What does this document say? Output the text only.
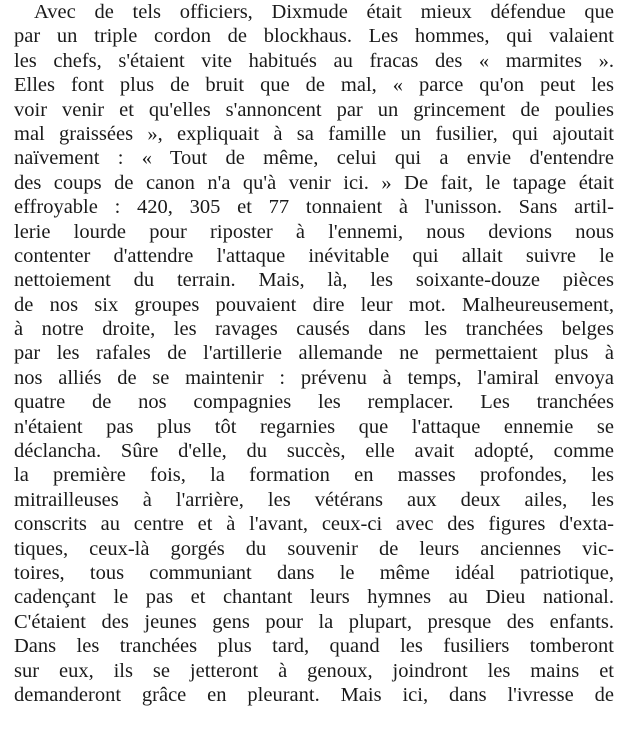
Avec de tels officiers, Dixmude était mieux défendue que
par un triple cordon de blockhaus. Les hommes, qui valaient
les chefs, s'étaient vite habitués au fracas des « marmites ».
Elles font plus de bruit que de mal, « parce qu'on peut les
voir venir et qu'elles s'annoncent par un grincement de poulies
mal graissées », expliquait à sa famille un fusilier, qui ajoutait
naïvement : « Tout de même, celui qui a envie d'entendre
des coups de canon n'a qu'à venir ici. » De fait, le tapage était
effroyable : 420, 305 et 77 tonnaient à l'unisson. Sans artil-
lerie lourde pour riposter à l'ennemi, nous devions nous
contenter d'attendre l'attaque inévitable qui allait suivre le
nettoiement du terrain. Mais, là, les soixante-douze pièces
de nos six groupes pouvaient dire leur mot. Malheureusement,
à notre droite, les ravages causés dans les tranchées belges
par les rafales de l'artillerie allemande ne permettaient plus à
nos alliés de se maintenir : prévenu à temps, l'amiral envoya
quatre de nos compagnies les remplacer. Les tranchées
n'étaient pas plus tôt regarnies que l'attaque ennemie se
déclancha. Sûre d'elle, du succès, elle avait adopté, comme
la première fois, la formation en masses profondes, les
mitrailleuses à l'arrière, les vétérans aux deux ailes, les
conscrits au centre et à l'avant, ceux-ci avec des figures d'exta-
tiques, ceux-là gorgés du souvenir de leurs anciennes vic-
toires, tous communiant dans le même idéal patriotique,
cadençant le pas et chantant leurs hymnes au Dieu national.
C'étaient des jeunes gens pour la plupart, presque des enfants.
Dans les tranchées plus tard, quand les fusiliers tomberont
sur eux, ils se jetteront à genoux, joindront les mains et
demanderont grâce en pleurant. Mais ici, dans l'ivresse de
